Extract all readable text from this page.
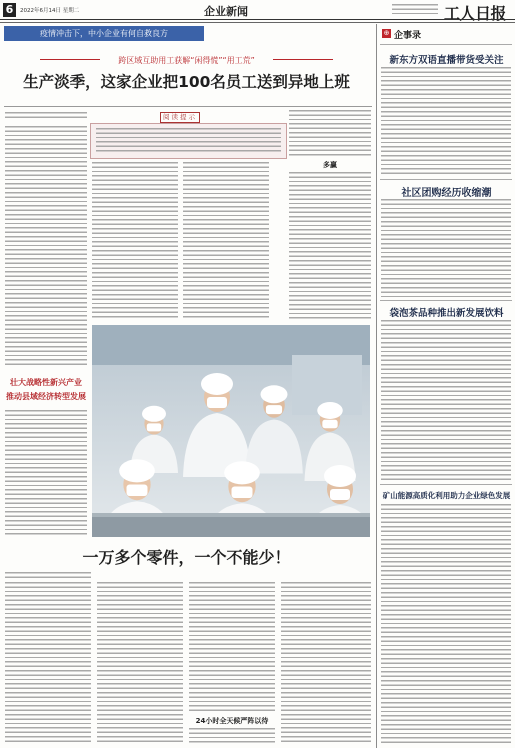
6	2022年6月14日 星期二	企业新闻	工人日报
疫情冲击下，中小企业有何自救良方
跨区域互助用工获解“闲得慌”“用工荒”
生产淡季，这家企业把100名员工送到异地上班
阅读提示
多赢
壮大战略性新兴产业
推动县域经济转型发展
一万多个零件，一个不能少！
24小时全天候严阵以待
⊕ 企事录
新东方双语直播带货受关注
社区团购经历收缩潮
袋泡茶品种推出新发展饮料
矿山能源高质化利用助力企业绿色发展
